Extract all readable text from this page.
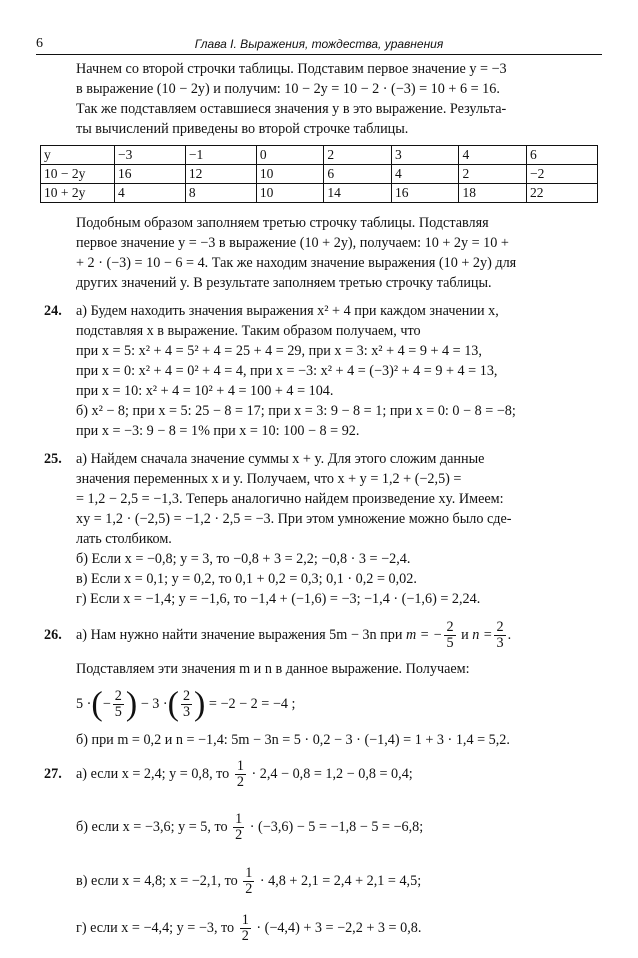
6	Глава I. Выражения, тождества, уравнения
Начнем со второй строчки таблицы. Подставим первое значение y = −3
в выражение (10 − 2y) и получим: 10 − 2y = 10 − 2 · (−3) = 10 + 6 = 16.
Так же подставляем оставшиеся значения y в это выражение. Результа-
ты вычислений приведены во второй строчке таблицы.
y	−3	−1	0	2	3	4	6
10 − 2y	16	12	10	6	4	2	−2
10 + 2y	4	8	10	14	16	18	22
Подобным образом заполняем третью строчку таблицы. Подставляя
первое значение y = −3 в выражение (10 + 2y), получаем: 10 + 2y = 10 +
+ 2 · (−3) = 10 − 6 = 4. Так же находим значение выражения (10 + 2y) для
других значений y. В результате заполняем третью строчку таблицы.
24. а) Будем находить значения выражения x² + 4 при каждом значении x,
подставляя x в выражение. Таким образом получаем, что
при x = 5: x² + 4 = 5² + 4 = 25 + 4 = 29, при x = 3: x² + 4 = 9 + 4 = 13,
при x = 0: x² + 4 = 0² + 4 = 4, при x = −3: x² + 4 = (−3)² + 4 = 9 + 4 = 13,
при x = 10: x² + 4 = 10² + 4 = 100 + 4 = 104.
б) x² − 8; при x = 5: 25 − 8 = 17; при x = 3: 9 − 8 = 1; при x = 0: 0 − 8 = −8;
при x = −3: 9 − 8 = 1% при x = 10: 100 − 8 = 92.
25. а) Найдем сначала значение суммы x + y. Для этого сложим данные
значения переменных x и y. Получаем, что x + y = 1,2 + (−2,5) =
= 1,2 − 2,5 = −1,3. Теперь аналогично найдем произведение xy. Имеем:
xy = 1,2 · (−2,5) = −1,2 · 2,5 = −3. При этом умножение можно было сде-
лать столбиком.
б) Если x = −0,8; y = 3, то −0,8 + 3 = 2,2; −0,8 · 3 = −2,4.
в) Если x = 0,1; y = 0,2, то 0,1 + 0,2 = 0,3; 0,1 · 0,2 = 0,02.
г) Если x = −1,4; y = −1,6, то −1,4 + (−1,6) = −3; −1,4 · (−1,6) = 2,24.
26. а) Нам нужно найти значение выражения 5m − 3n при m = − $\frac{2}{5}$ и $n = \frac{2}{3}$ .
Подставляем эти значения m и n в данное выражение. Получаем:
5 ·(− $\frac{2}{5}$ ) − 3 ·( $\frac{2}{3}$ ) = −2 − 2 = −4 ;
б) при m = 0,2 и n = −1,4: 5m − 3n = 5 · 0,2 − 3 · (−1,4) = 1 + 3 · 1,4 = 5,2.
27. а) если x = 2,4; y = 0,8, то $\frac{1}{2} \cdot 2,4 - 0,8 = 1,2 - 0,8 = 0,4$;
б) если x = −3,6; y = 5, то $\frac{1}{2} \cdot (-3,6) - 5 = -1,8 - 5 = -6,8$;
в) если x = 4,8; x = −2,1, то $\frac{1}{2} \cdot 4,8 + 2,1 = 2,4 + 2,1 = 4,5$;
г) если x = −4,4; y = −3, то $\frac{1}{2} \cdot (-4,4) + 3 = -2,2 + 3 = 0,8$.
